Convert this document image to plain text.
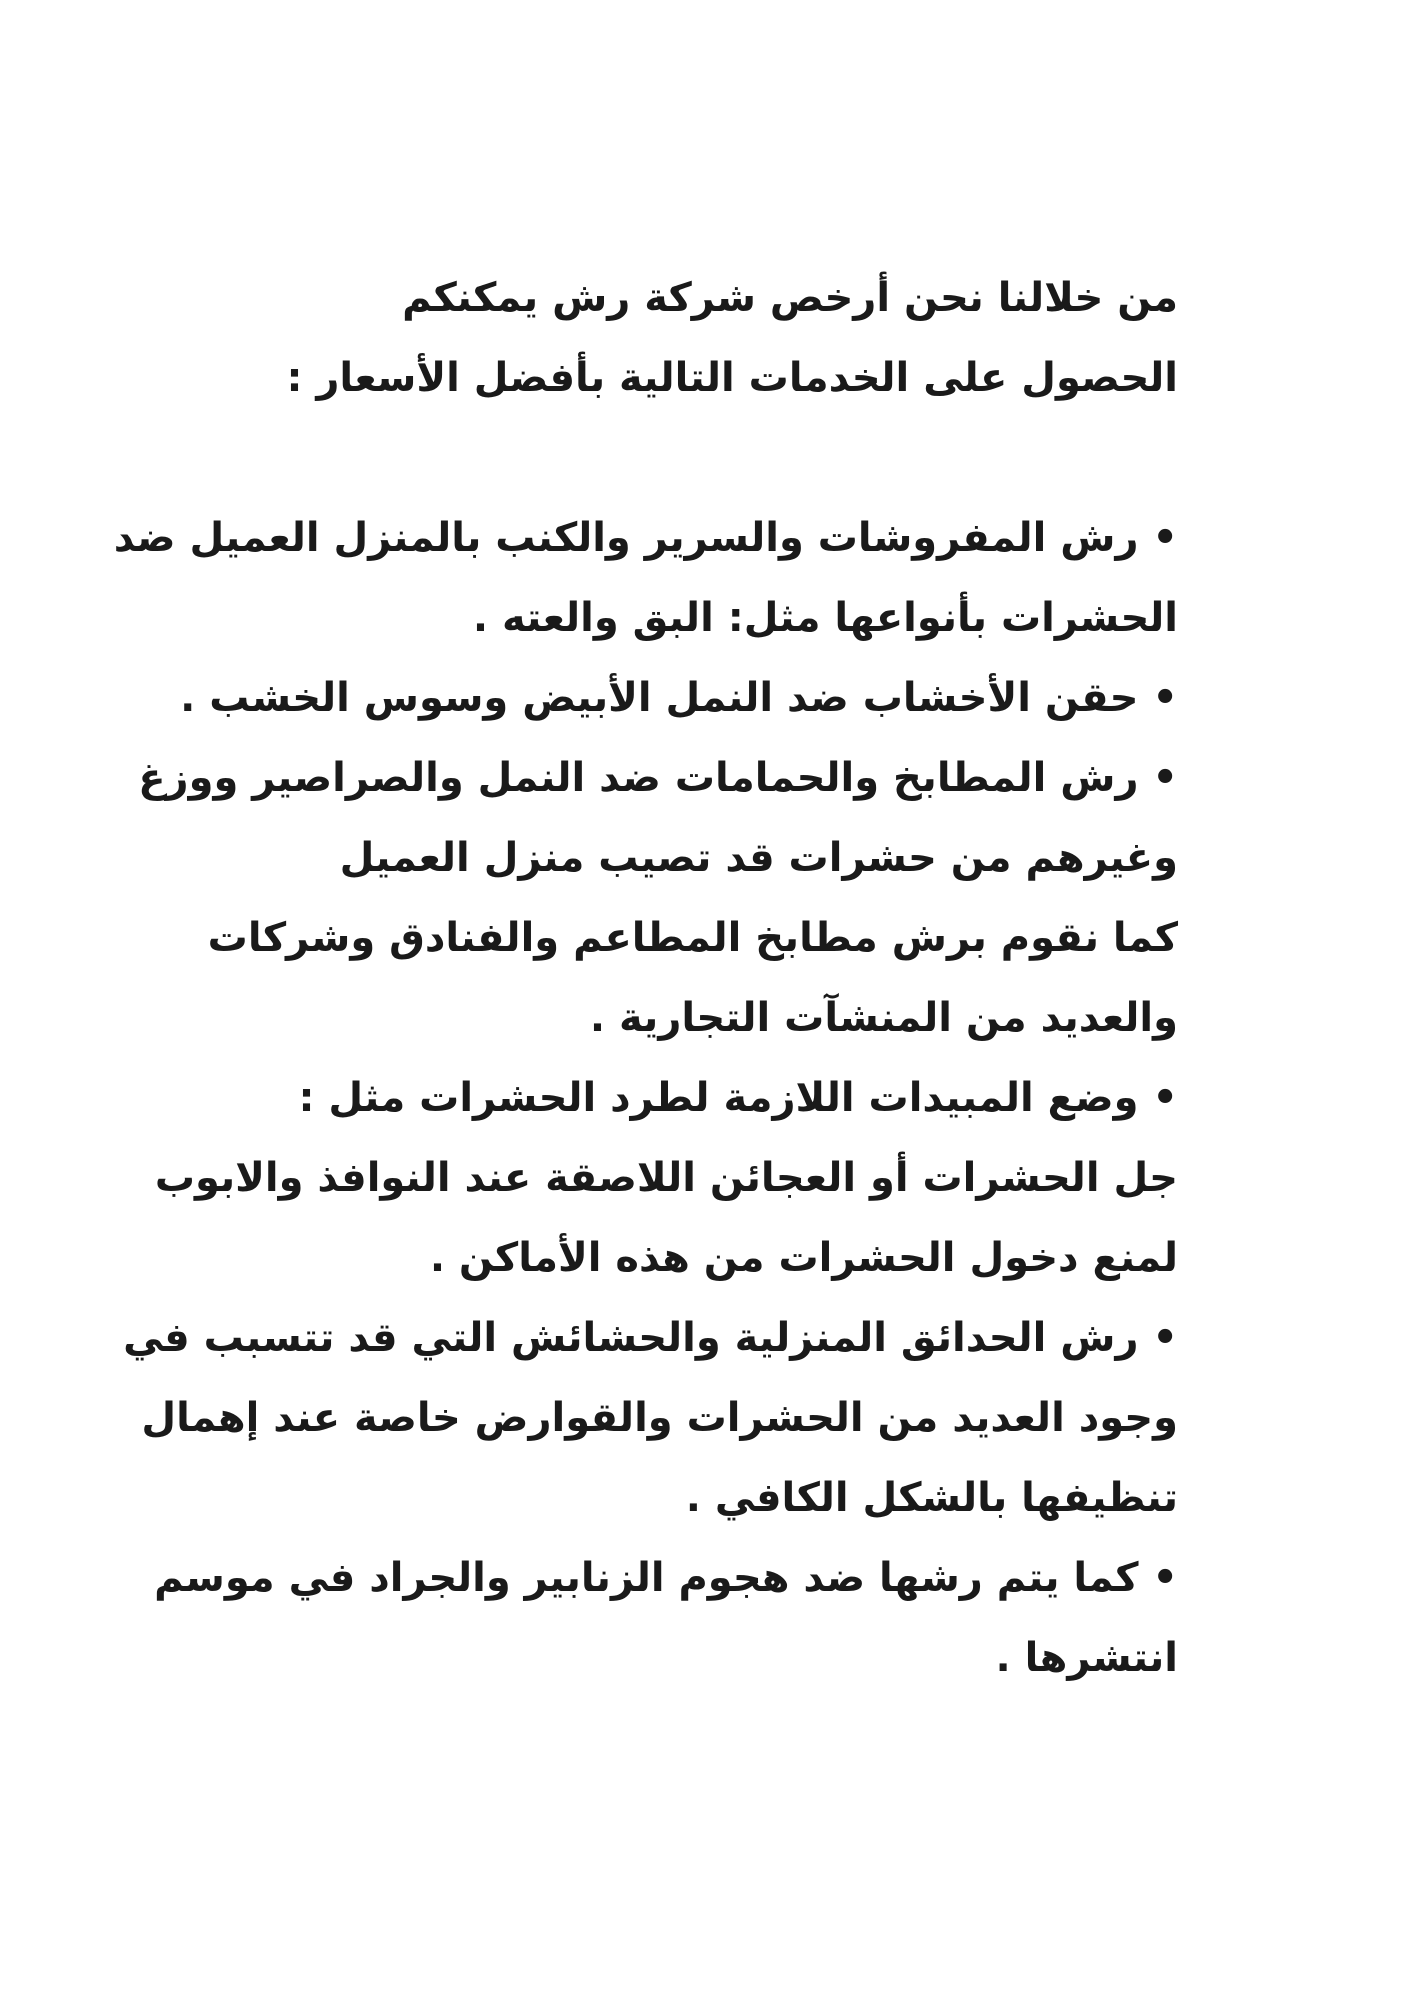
من خلالنا نحن أرخص شركة رش يمكنكم
الحصول على الخدمات التالية بأفضل الأسعار :
• رش المفروشات والسرير والكنب بالمنزل العميل ضد
الحشرات بأنواعها مثل: البق والعته .
• حقن الأخشاب ضد النمل الأبيض وسوس الخشب .
• رش المطابخ والحمامات ضد النمل والصراصير ووزغ
وغيرهم من حشرات قد تصيب منزل العميل
كما نقوم برش مطابخ المطاعم والفنادق وشركات
والعديد من المنشآت التجارية .
• وضع المبيدات اللازمة لطرد الحشرات مثل :
جل الحشرات أو العجائن اللاصقة عند النوافذ والابوب
لمنع دخول الحشرات من هذه الأماكن .
• رش الحدائق المنزلية والحشائش التي قد تتسبب في
وجود العديد من الحشرات والقوارض خاصة عند إهمال
تنظيفها بالشكل الكافي .
• كما يتم رشها ضد هجوم الزنابير والجراد في موسم
انتشرها .
